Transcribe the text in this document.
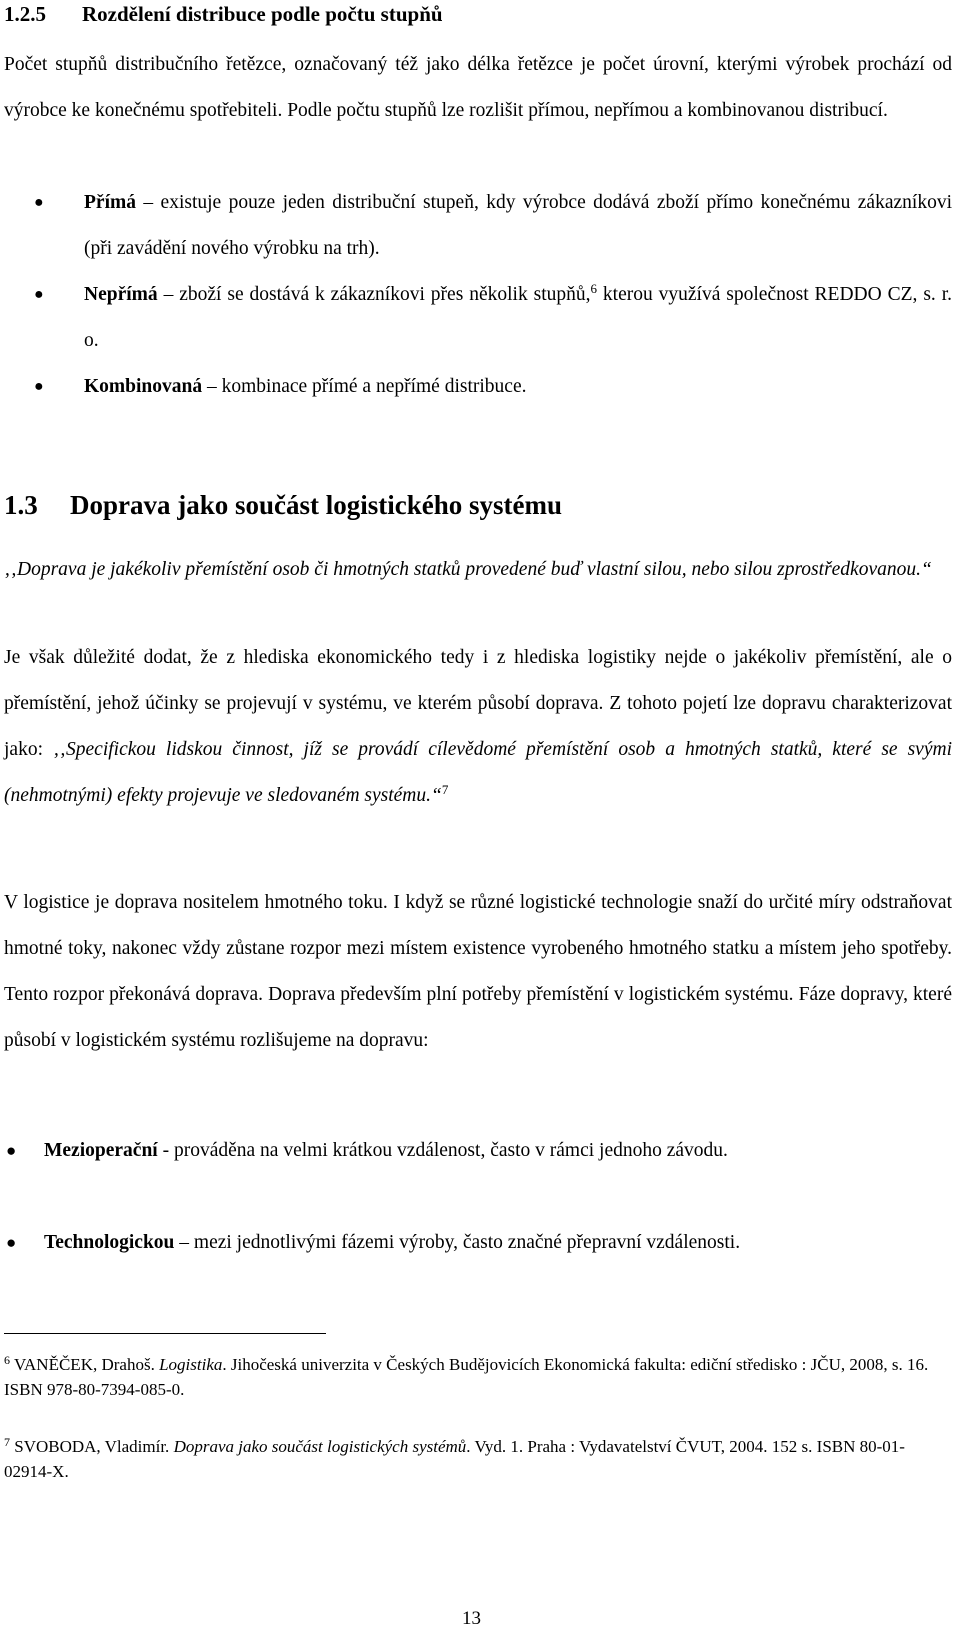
1.2.5 Rozdělení distribuce podle počtu stupňů
Počet stupňů distribučního řetězce, označovaný též jako délka řetězce je počet úrovní, kterými výrobek prochází od výrobce ke konečnému spotřebiteli. Podle počtu stupňů lze rozlišit přímou, nepřímou a kombinovanou distribucí.
● Přímá – existuje pouze jeden distribuční stupeň, kdy výrobce dodává zboží přímo konečnému zákazníkovi (při zavádění nového výrobku na trh).
● Nepřímá – zboží se dostává k zákazníkovi přes několik stupňů,$^6$ kterou využívá společnost REDDO CZ, s. r. o.
● Kombinovaná – kombinace přímé a nepřímé distribuce.
1.3 Doprava jako součást logistického systému
‚‚Doprava je jakékoliv přemístění osob či hmotných statků provedené buď vlastní silou, nebo silou zprostředkovanou.“
Je však důležité dodat, že z hlediska ekonomického tedy i z hlediska logistiky nejde o jakékoliv přemístění, ale o přemístění, jehož účinky se projevují v systému, ve kterém působí doprava. Z tohoto pojetí lze dopravu charakterizovat jako: ‚‚Specifickou lidskou činnost, jíž se provádí cílevědomé přemístění osob a hmotných statků, které se svými (nehmotnými) efekty projevuje ve sledovaném systému.“$^7$
V logistice je doprava nositelem hmotného toku. I když se různé logistické technologie snaží do určité míry odstraňovat hmotné toky, nakonec vždy zůstane rozpor mezi místem existence vyrobeného hmotného statku a místem jeho spotřeby. Tento rozpor překonává doprava. Doprava především plní potřeby přemístění v logistickém systému. Fáze dopravy, které působí v logistickém systému rozlišujeme na dopravu:
● Mezioperační - prováděna na velmi krátkou vzdálenost, často v rámci jednoho závodu.
● Technologickou – mezi jednotlivými fázemi výroby, často značné přepravní vzdálenosti.
$^6$ VANĚČEK, Drahoš. Logistika. Jihočeská univerzita v Českých Budějovicích Ekonomická fakulta: ediční středisko : JČU, 2008, s. 16. ISBN 978-80-7394-085-0.
$^7$ SVOBODA, Vladimír. Doprava jako součást logistických systémů. Vyd. 1. Praha : Vydavatelství ČVUT, 2004. 152 s. ISBN 80-01-02914-X.
13
